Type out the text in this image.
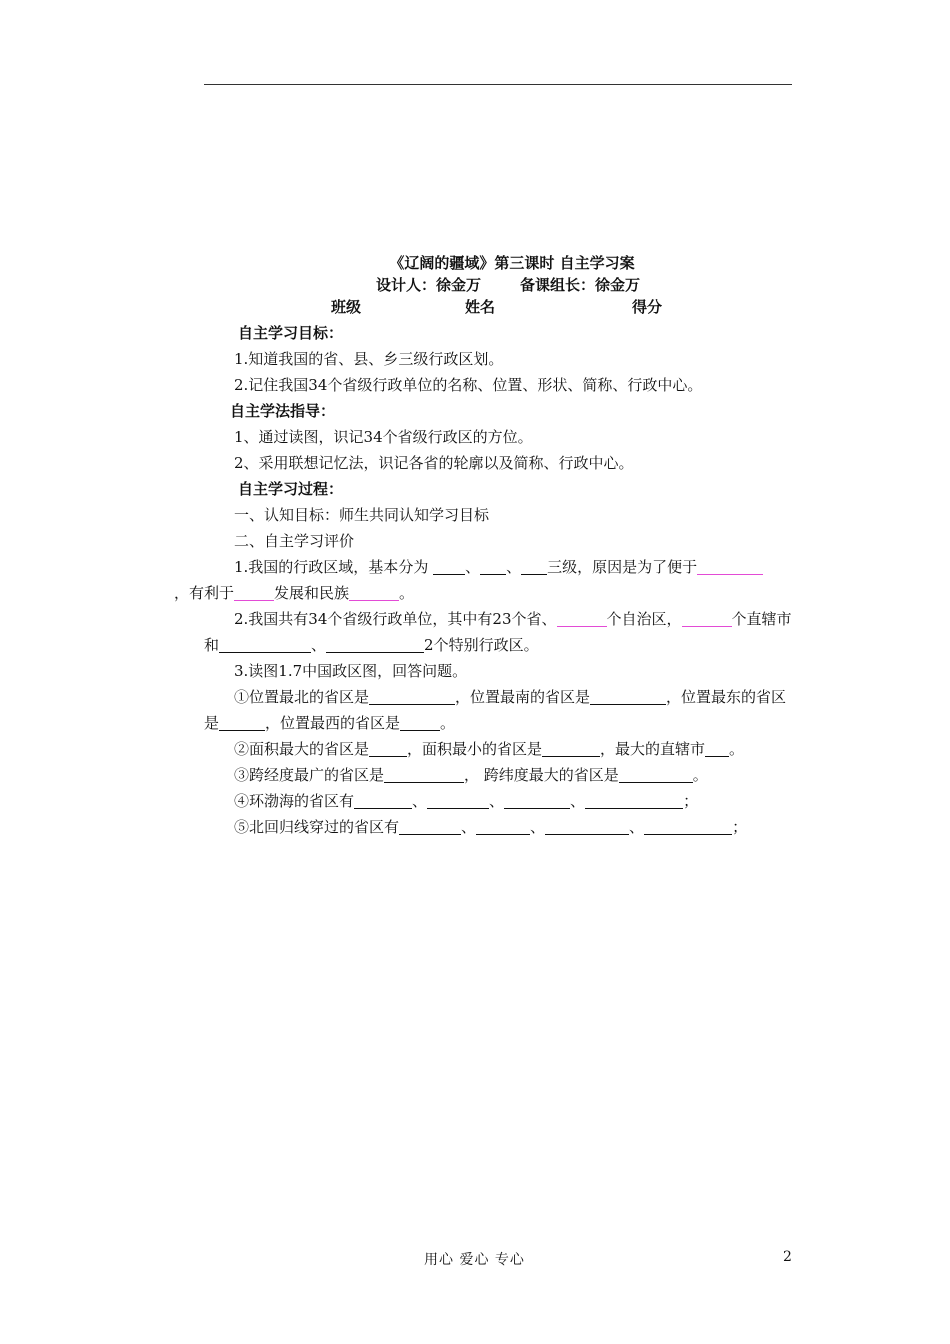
《辽阔的疆域》第三课时 自主学习案
设计人：徐金万	备课组长：徐金万
班级	姓名	得分
自主学习目标：
1.知道我国的省、县、乡三级行政区划。
2.记住我国34个省级行政单位的名称、位置、形状、简称、行政中心。
自主学法指导：
1、通过读图，识记34个省级行政区的方位。
2、采用联想记忆法，识记各省的轮廓以及简称、行政中心。
自主学习过程：
一、认知目标：师生共同认知学习目标
二、自主学习评价
1.我国的行政区域，基本分为 、 、 三级，原因是为了便于
，有利于	发展和民族	。
2.我国共有34个省级行政单位，其中有23个省、	个自治区，	个直辖市和	、	2个特别行政区。
3.读图1.7中国政区图，回答问题。
①位置最北的省区是	，位置最南的省区是	，位置最东的省区是	，位置最西的省区是	。
②面积最大的省区是	，面积最小的省区是	，最大的直辖市 。
③跨经度最广的省区是	， 跨纬度最大的省区是	。
④环渤海的省区有	、	、	、	；
⑤北回归线穿过的省区有	、	、	、	；
用心 爱心 专心	2
